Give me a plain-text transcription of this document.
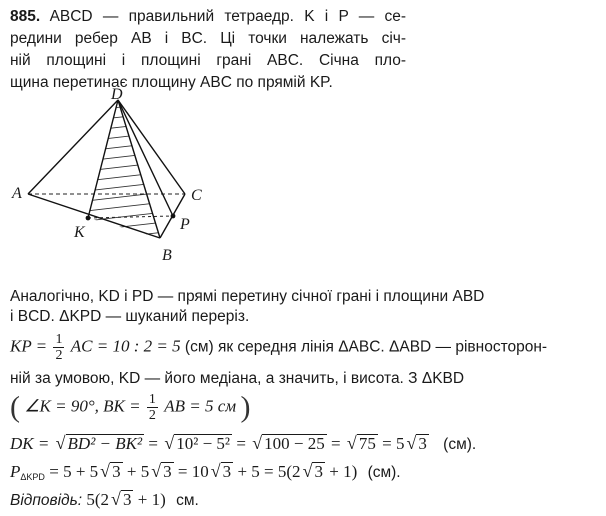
885. ABCD — правильний тетраедр. K і P — се-
редини ребер AB і BC. Ці точки належать січ-
ній площині і площині грані ABC. Січна пло-
щина перетинає площину ABC по прямій KP.
D
A	C
K	P
B
Аналогічно, KD і PD — прямі перетину січної грані і площини ABD
і BCD. ΔKPD — шуканий переріз.
KP = $\frac{1}{2}$ AC = 10 : 2 = 5 (см) як середня лінія ΔABC. ΔABD — рівносторон-
ній за умовою, KD — його медіана, а значить, і висота. З ΔKBD
( ∠K = 90°, BK = $\frac{1}{2}$ AB = 5 см )
DK = √ BD² − BK² = √ 10² − 5² = √ 100 − 25 = √ 75 = 5 √ 3 (см).
$P_{\Delta KPD} = 5 + 5$ √ 3 + 5 √ 3 = 10 √ 3 + 5 = 5(2 √ 3 + 1) (см).
Відповідь: 5(2 √ 3 + 1) см.
